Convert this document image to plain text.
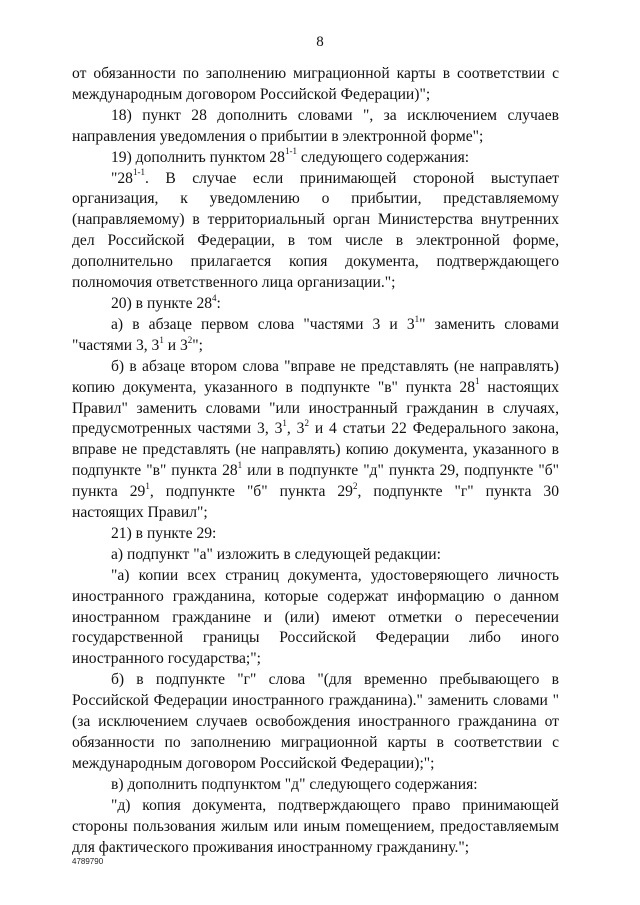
8

от обязанности по заполнению миграционной карты в соответствии с международным договором Российской Федерации)";

18) пункт 28 дополнить словами ", за исключением случаев направления уведомления о прибытии в электронной форме";

19) дополнить пунктом 28$^{1-1}$ следующего содержания:

"28$^{1-1}$. В случае если принимающей стороной выступает организация, к уведомлению о прибытии, представляемому (направляемому) в территориальный орган Министерства внутренних дел Российской Федерации, в том числе в электронной форме, дополнительно прилагается копия документа, подтверждающего полномочия ответственного лица организации.";

20) в пункте $28^4$:

а) в абзаце первом слова "частями 3 и $3^1$" заменить словами "частями 3, $3^1$ и $3^2$";

б) в абзаце втором слова "вправе не представлять (не направлять) копию документа, указанного в подпункте "в" пункта $28^1$ настоящих Правил" заменить словами "или иностранный гражданин в случаях, предусмотренных частями 3, $3^1$, $3^2$ и 4 статьи 22 Федерального закона, вправе не представлять (не направлять) копию документа, указанного в подпункте "в" пункта $28^1$ или в подпункте "д" пункта 29, подпункте "б" пункта $29^1$, подпункте "б" пункта $29^2$, подпункте "г" пункта 30 настоящих Правил";

21) в пункте 29:

а) подпункт "а" изложить в следующей редакции:

"а) копии всех страниц документа, удостоверяющего личность иностранного гражданина, которые содержат информацию о данном иностранном гражданине и (или) имеют отметки о пересечении государственной границы Российской Федерации либо иного иностранного государства;";

б) в подпункте "г" слова "(для временно пребывающего в Российской Федерации иностранного гражданина)." заменить словами "(за исключением случаев освобождения иностранного гражданина от обязанности по заполнению миграционной карты в соответствии с международным договором Российской Федерации);";

в) дополнить подпунктом "д" следующего содержания:

"д) копия документа, подтверждающего право принимающей стороны пользования жилым или иным помещением, предоставляемым для фактического проживания иностранному гражданину.";

4789790
